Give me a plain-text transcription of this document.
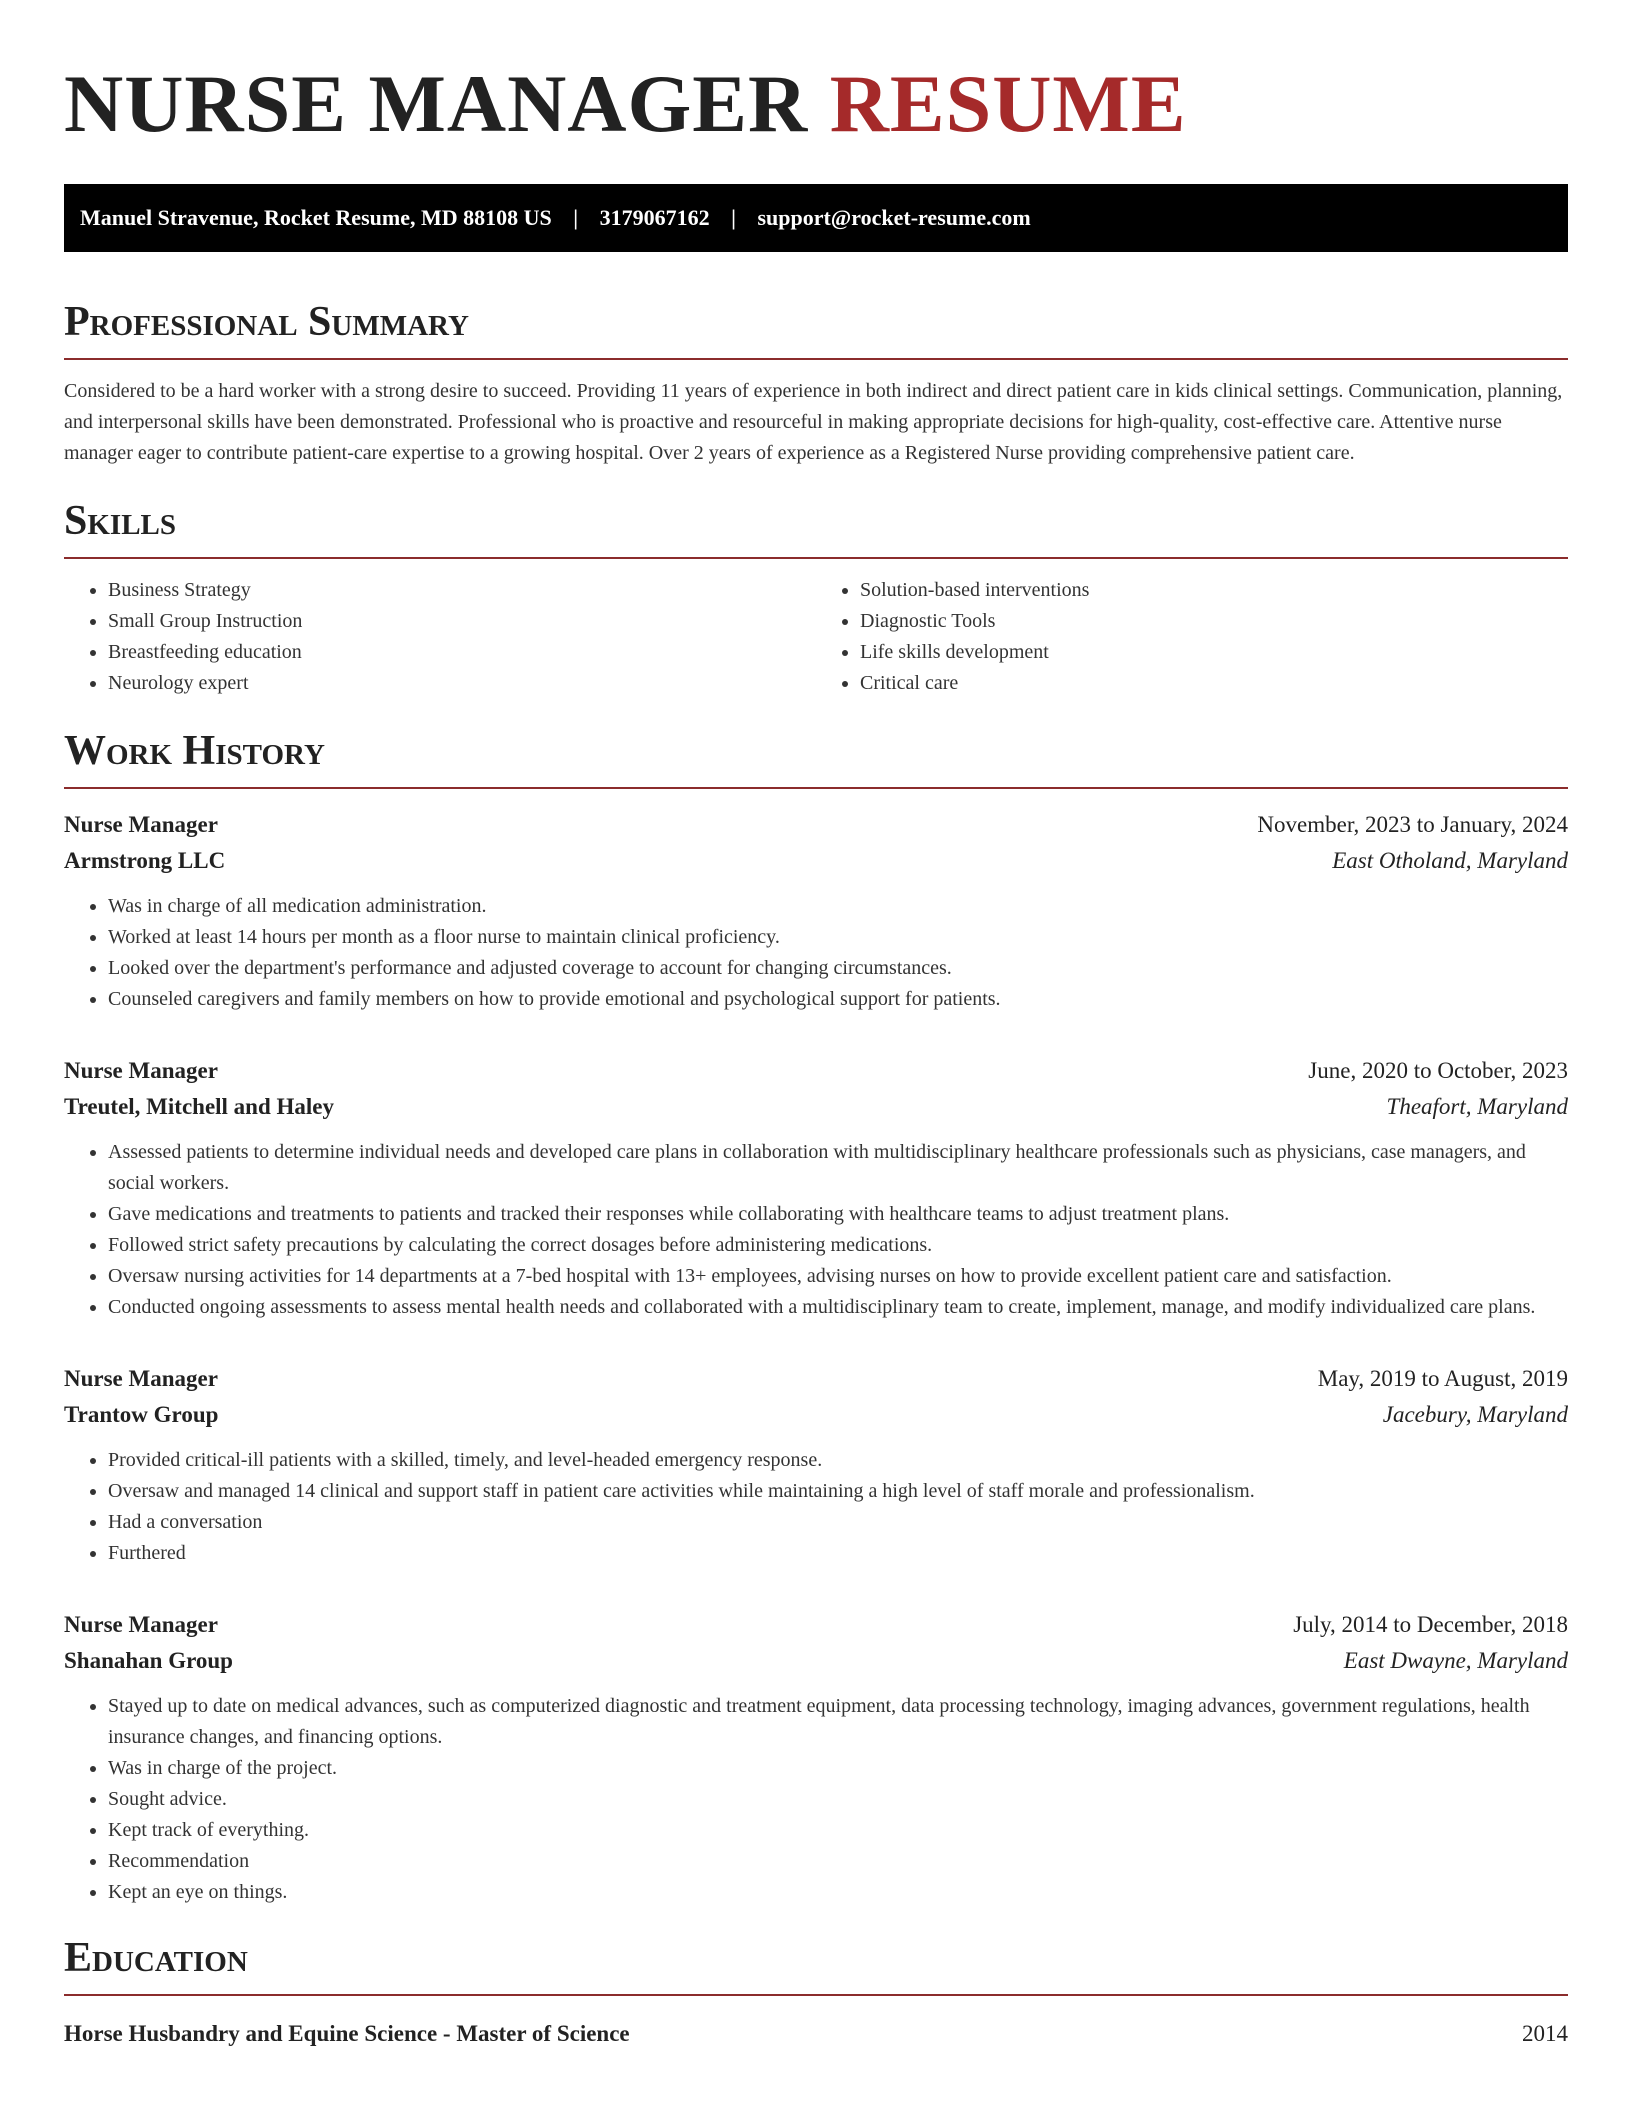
NURSE MANAGER RESUME
Manuel Stravenue, Rocket Resume, MD 88108 US | 3179067162 | support@rocket-resume.com
Professional Summary

Considered to be a hard worker with a strong desire to succeed. Providing 11 years of experience in both indirect and direct patient care in kids clinical settings. Communication, planning, and interpersonal skills have been demonstrated. Professional who is proactive and resourceful in making appropriate decisions for high-quality, cost-effective care. Attentive nurse manager eager to contribute patient-care expertise to a growing hospital. Over 2 years of experience as a Registered Nurse providing comprehensive patient care.

Skills
• Business Strategy
• Small Group Instruction
• Breastfeeding education
• Neurology expert
• Solution-based interventions
• Diagnostic Tools
• Life skills development
• Critical care
Work History
Nurse Manager	November, 2023 to January, 2024
Armstrong LLC	East Otholand, Maryland
• Was in charge of all medication administration.
• Worked at least 14 hours per month as a floor nurse to maintain clinical proficiency.
• Looked over the department's performance and adjusted coverage to account for changing circumstances.
• Counseled caregivers and family members on how to provide emotional and psychological support for patients.
Nurse Manager	June, 2020 to October, 2023
Treutel, Mitchell and Haley	Theafort, Maryland
• Assessed patients to determine individual needs and developed care plans in collaboration with multidisciplinary healthcare professionals such as physicians, case managers, and social workers.
• Gave medications and treatments to patients and tracked their responses while collaborating with healthcare teams to adjust treatment plans.
• Followed strict safety precautions by calculating the correct dosages before administering medications.
• Oversaw nursing activities for 14 departments at a 7-bed hospital with 13+ employees, advising nurses on how to provide excellent patient care and satisfaction.
• Conducted ongoing assessments to assess mental health needs and collaborated with a multidisciplinary team to create, implement, manage, and modify individualized care plans.
Nurse Manager	May, 2019 to August, 2019
Trantow Group	Jacebury, Maryland
• Provided critical-ill patients with a skilled, timely, and level-headed emergency response.
• Oversaw and managed 14 clinical and support staff in patient care activities while maintaining a high level of staff morale and professionalism.
• Had a conversation
• Furthered
Nurse Manager	July, 2014 to December, 2018
Shanahan Group	East Dwayne, Maryland
• Stayed up to date on medical advances, such as computerized diagnostic and treatment equipment, data processing technology, imaging advances, government regulations, health insurance changes, and financing options.
• Was in charge of the project.
• Sought advice.
• Kept track of everything.
• Recommendation
• Kept an eye on things.
Education
Horse Husbandry and Equine Science - Master of Science	2014
